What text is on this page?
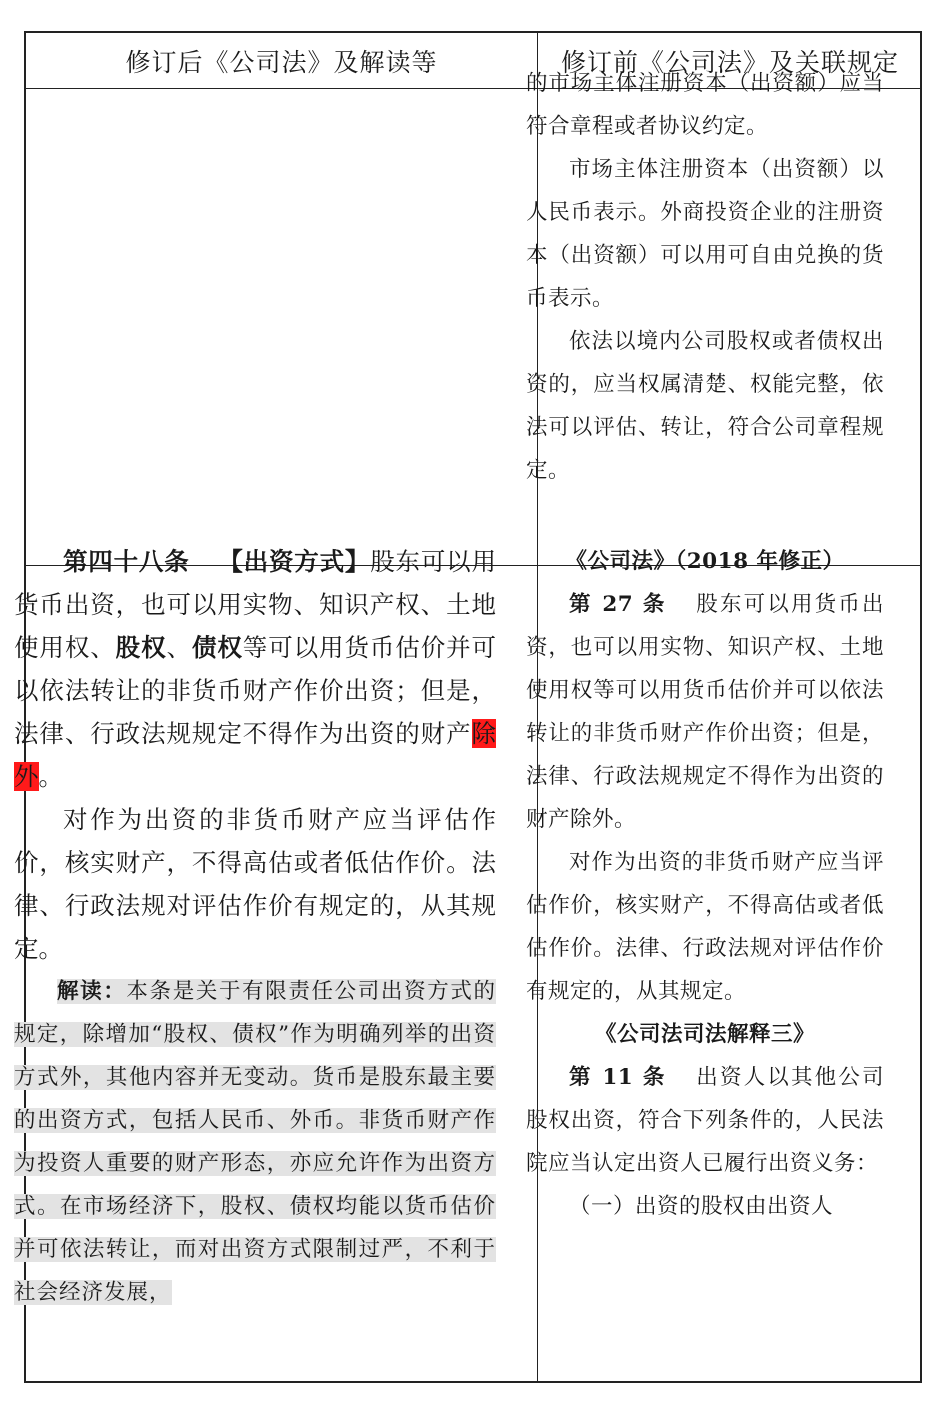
修订后《公司法》及解读等	修订前《公司法》及关联规定

的市场主体注册资本（出资额）应当符合章程或者协议约定。

市场主体注册资本（出资额）以人民币表示。外商投资企业的注册资本（出资额）可以用可自由兑换的货币表示。

依法以境内公司股权或者债权出资的，应当权属清楚、权能完整，依法可以评估、转让，符合公司章程规定。

第四十八条 【出资方式】股东可以用货币出资，也可以用实物、知识产权、土地使用权、股权、债权等可以用货币估价并可以依法转让的非货币财产作价出资；但是，法律、行政法规规定不得作为出资的财产除外。

对作为出资的非货币财产应当评估作价，核实财产，不得高估或者低估作价。法律、行政法规对评估作价有规定的，从其规定。

解读：本条是关于有限责任公司出资方式的规定，除增加“股权、债权”作为明确列举的出资方式外，其他内容并无变动。货币是股东最主要的出资方式，包括人民币、外币。非货币财产作为投资人重要的财产形态，亦应允许作为出资方式。在市场经济下，股权、债权均能以货币估价并可依法转让，而对出资方式限制过严，不利于社会经济发展，

《公司法》（2018 年修正）

第 27 条 股东可以用货币出资，也可以用实物、知识产权、土地使用权等可以用货币估价并可以依法转让的非货币财产作价出资；但是，法律、行政法规规定不得作为出资的财产除外。

对作为出资的非货币财产应当评估作价，核实财产，不得高估或者低估作价。法律、行政法规对评估作价有规定的，从其规定。

《公司法司法解释三》

第 11 条 出资人以其他公司股权出资，符合下列条件的，人民法院应当认定出资人已履行出资义务：

（一）出资的股权由出资人
